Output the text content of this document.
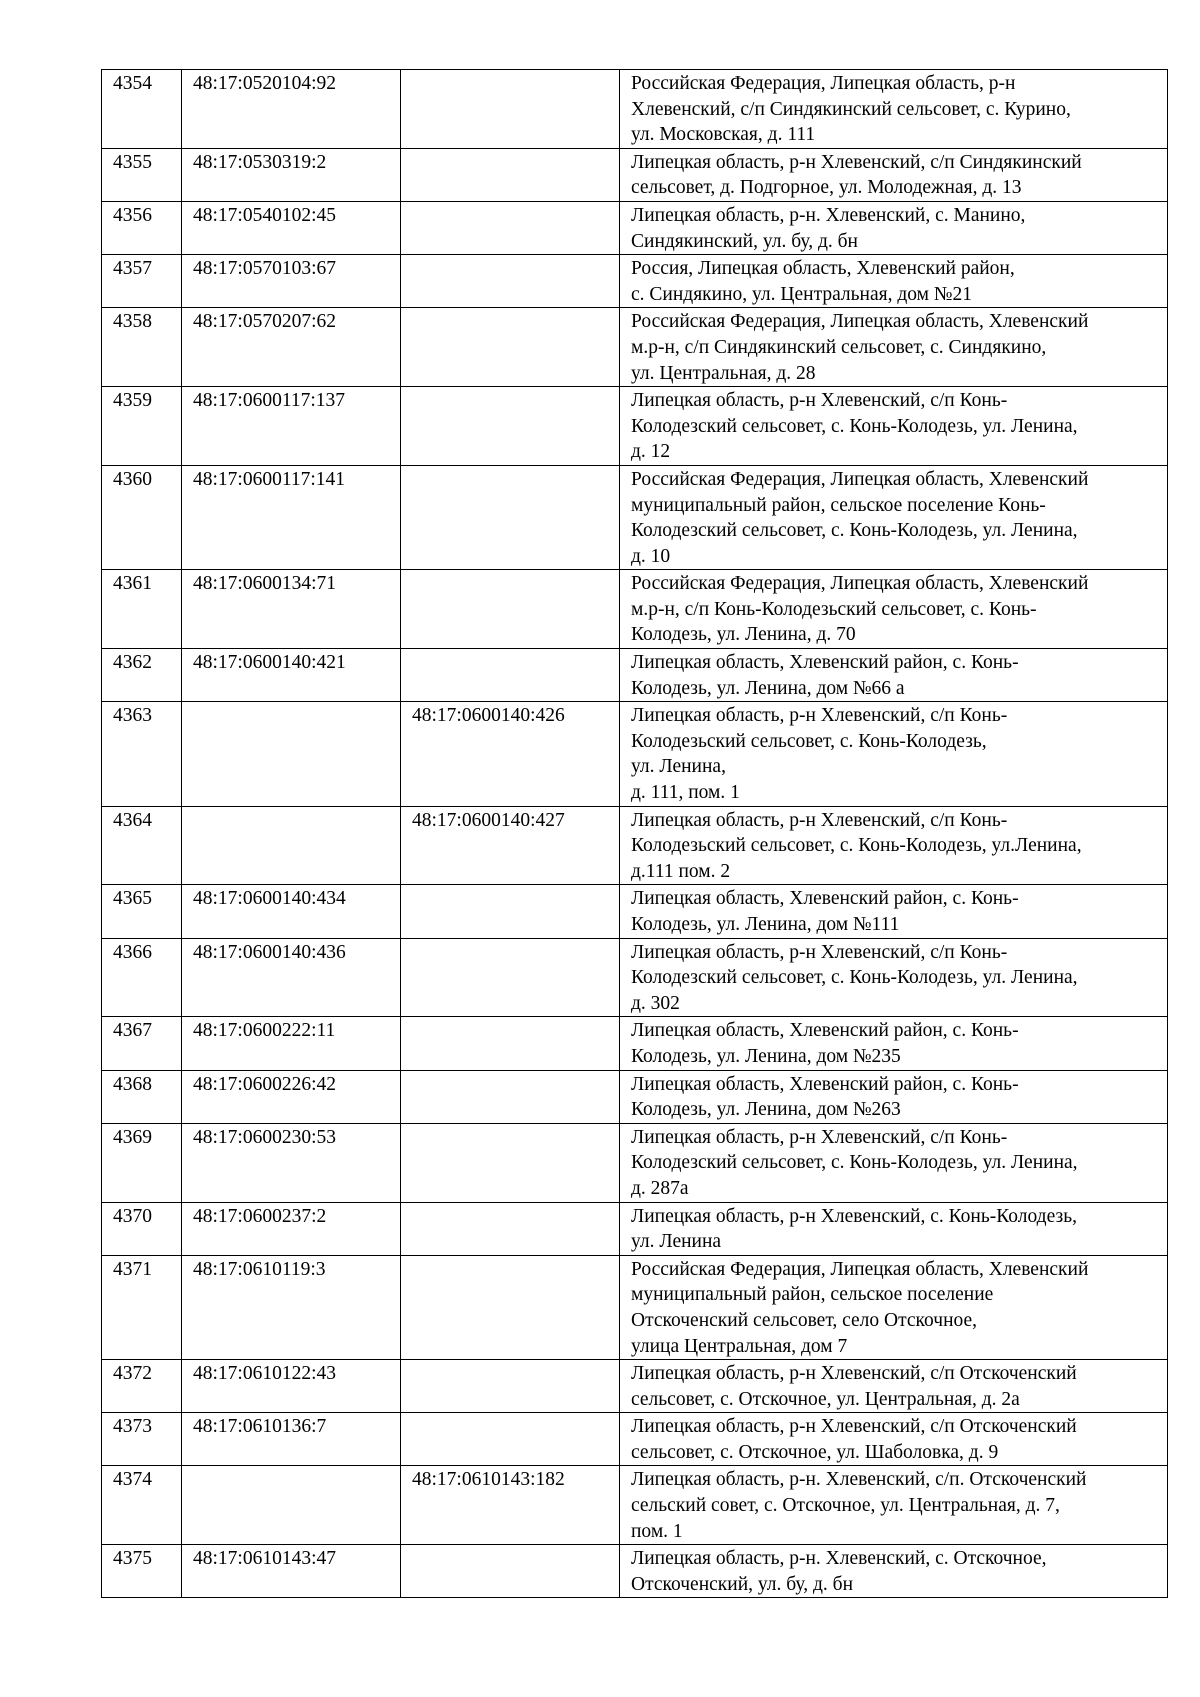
4354	48:17:0520104:92		Российская Федерация, Липецкая область, р-н
Хлевенский, с/п Синдякинский сельсовет, с. Курино,
ул. Московская, д. 111

4355	48:17:0530319:2		Липецкая область, р-н Хлевенский, с/п Синдякинский
сельсовет, д. Подгорное, ул. Молодежная, д. 13

4356	48:17:0540102:45		Липецкая область, р-н. Хлевенский, с. Манино,
Синдякинский, ул. бу, д. бн

4357	48:17:0570103:67		Россия, Липецкая область, Хлевенский район,
с. Синдякино, ул. Центральная, дом №21

4358	48:17:0570207:62		Российская Федерация, Липецкая область, Хлевенский
м.р-н, с/п Синдякинский сельсовет, с. Синдякино,
ул. Центральная, д. 28

4359	48:17:0600117:137		Липецкая область, р-н Хлевенский, с/п Конь-
Колодезский сельсовет, с. Конь-Колодезь, ул. Ленина,
д. 12

4360	48:17:0600117:141		Российская Федерация, Липецкая область, Хлевенский
муниципальный район, сельское поселение Конь-
Колодезский сельсовет, с. Конь-Колодезь, ул. Ленина,
д. 10

4361	48:17:0600134:71		Российская Федерация, Липецкая область, Хлевенский
м.р-н, с/п Конь-Колодезьский сельсовет, с. Конь-
Колодезь, ул. Ленина, д. 70

4362	48:17:0600140:421		Липецкая область, Хлевенский район, с. Конь-
Колодезь, ул. Ленина, дом №66 а

4363		48:17:0600140:426	Липецкая область, р-н Хлевенский, с/п Конь-
Колодезьский сельсовет, с. Конь-Колодезь,
ул. Ленина,
д. 111, пом. 1

4364		48:17:0600140:427	Липецкая область, р-н Хлевенский, с/п Конь-
Колодезьский сельсовет, с. Конь-Колодезь, ул.Ленина,
д.111 пом. 2

4365	48:17:0600140:434		Липецкая область, Хлевенский район, с. Конь-
Колодезь, ул. Ленина, дом №111

4366	48:17:0600140:436		Липецкая область, р-н Хлевенский, с/п Конь-
Колодезский сельсовет, с. Конь-Колодезь, ул. Ленина,
д. 302

4367	48:17:0600222:11		Липецкая область, Хлевенский район, с. Конь-
Колодезь, ул. Ленина, дом №235

4368	48:17:0600226:42		Липецкая область, Хлевенский район, с. Конь-
Колодезь, ул. Ленина, дом №263

4369	48:17:0600230:53		Липецкая область, р-н Хлевенский, с/п Конь-
Колодезский сельсовет, с. Конь-Колодезь, ул. Ленина,
д. 287а

4370	48:17:0600237:2		Липецкая область, р-н Хлевенский, с. Конь-Колодезь,
ул. Ленина

4371	48:17:0610119:3		Российская Федерация, Липецкая область, Хлевенский
муниципальный район, сельское поселение
Отскоченский сельсовет, село Отскочное,
улица Центральная, дом 7

4372	48:17:0610122:43		Липецкая область, р-н Хлевенский, с/п Отскоченский
сельсовет, с. Отскочное, ул. Центральная, д. 2а

4373	48:17:0610136:7		Липецкая область, р-н Хлевенский, с/п Отскоченский
сельсовет, с. Отскочное, ул. Шаболовка, д. 9

4374		48:17:0610143:182	Липецкая область, р-н. Хлевенский, с/п. Отскоченский
сельский совет, с. Отскочное, ул. Центральная, д. 7,
пом. 1

4375	48:17:0610143:47		Липецкая область, р-н. Хлевенский, с. Отскочное,
Отскоченский, ул. бу, д. бн
